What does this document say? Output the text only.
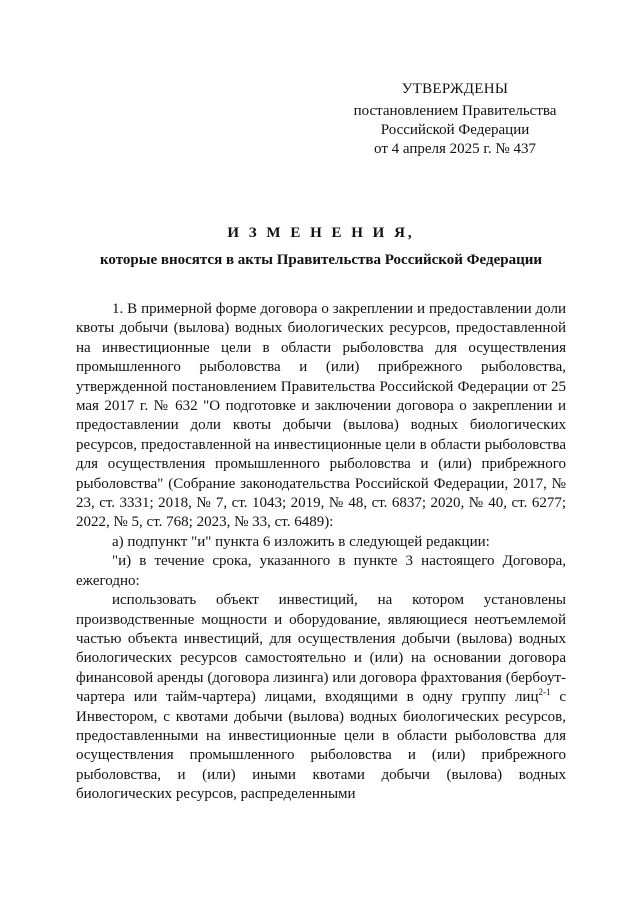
УТВЕРЖДЕНЫ
постановлением Правительства
Российской Федерации
от 4 апреля 2025 г. № 437
И З М Е Н Е Н И Я,
которые вносятся в акты Правительства Российской Федерации

1. В примерной форме договора о закреплении и предоставлении доли квоты добычи (вылова) водных биологических ресурсов, предоставленной на инвестиционные цели в области рыболовства для осуществления промышленного рыболовства и (или) прибрежного рыболовства, утвержденной постановлением Правительства Российской Федерации от 25 мая 2017 г. № 632 "О подготовке и заключении договора о закреплении и предоставлении доли квоты добычи (вылова) водных биологических ресурсов, предоставленной на инвестиционные цели в области рыболовства для осуществления промышленного рыболовства и (или) прибрежного рыболовства" (Собрание законодательства Российской Федерации, 2017, № 23, ст. 3331; 2018, № 7, ст. 1043; 2019, № 48, ст. 6837; 2020, № 40, ст. 6277; 2022, № 5, ст. 768; 2023, № 33, ст. 6489):

а) подпункт "и" пункта 6 изложить в следующей редакции:

"и) в течение срока, указанного в пункте 3 настоящего Договора, ежегодно:

использовать объект инвестиций, на котором установлены производственные мощности и оборудование, являющиеся неотъемлемой частью объекта инвестиций, для осуществления добычи (вылова) водных биологических ресурсов самостоятельно и (или) на основании договора финансовой аренды (договора лизинга) или договора фрахтования (бербоут-чартера или тайм-чартера) лицами, входящими в одну группу лиц$^{2-1}$ с Инвестором, с квотами добычи (вылова) водных биологических ресурсов, предоставленными на инвестиционные цели в области рыболовства для осуществления промышленного рыболовства и (или) прибрежного рыболовства, и (или) иными квотами добычи (вылова) водных биологических ресурсов, распределенными
